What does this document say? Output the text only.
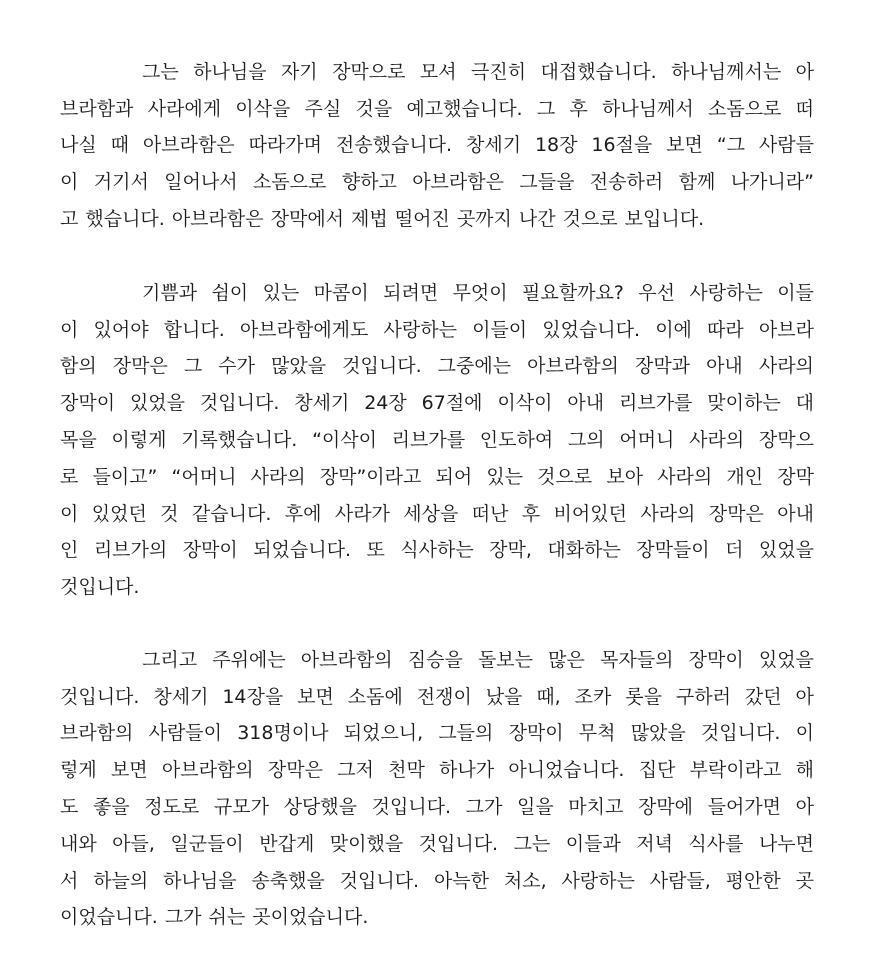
그는 하나님을 자기 장막으로 모셔 극진히 대접했습니다. 하나님께서는 아
브라함과 사라에게 이삭을 주실 것을 예고했습니다. 그 후 하나님께서 소돔으로 떠
나실 때 아브라함은 따라가며 전송했습니다. 창세기 18장 16절을 보면 “그 사람들
이 거기서 일어나서 소돔으로 향하고 아브라함은 그들을 전송하러 함께 나가니라”
고 했습니다. 아브라함은 장막에서 제법 떨어진 곳까지 나간 것으로 보입니다.
기쁨과 쉼이 있는 마콤이 되려면 무엇이 필요할까요? 우선 사랑하는 이들
이 있어야 합니다. 아브라함에게도 사랑하는 이들이 있었습니다. 이에 따라 아브라
함의 장막은 그 수가 많았을 것입니다. 그중에는 아브라함의 장막과 아내 사라의
장막이 있었을 것입니다. 창세기 24장 67절에 이삭이 아내 리브가를 맞이하는 대
목을 이렇게 기록했습니다. “이삭이 리브가를 인도하여 그의 어머니 사라의 장막으
로 들이고” “어머니 사라의 장막”이라고 되어 있는 것으로 보아 사라의 개인 장막
이 있었던 것 같습니다. 후에 사라가 세상을 떠난 후 비어있던 사라의 장막은 아내
인 리브가의 장막이 되었습니다. 또 식사하는 장막, 대화하는 장막들이 더 있었을
것입니다.
그리고 주위에는 아브라함의 짐승을 돌보는 많은 목자들의 장막이 있었을
것입니다. 창세기 14장을 보면 소돔에 전쟁이 났을 때, 조카 롯을 구하러 갔던 아
브라함의 사람들이 318명이나 되었으니, 그들의 장막이 무척 많았을 것입니다. 이
렇게 보면 아브라함의 장막은 그저 천막 하나가 아니었습니다. 집단 부락이라고 해
도 좋을 정도로 규모가 상당했을 것입니다. 그가 일을 마치고 장막에 들어가면 아
내와 아들, 일군들이 반갑게 맞이했을 것입니다. 그는 이들과 저녁 식사를 나누면
서 하늘의 하나님을 송축했을 것입니다. 아늑한 처소, 사랑하는 사람들, 평안한 곳
이었습니다. 그가 쉬는 곳이었습니다.
